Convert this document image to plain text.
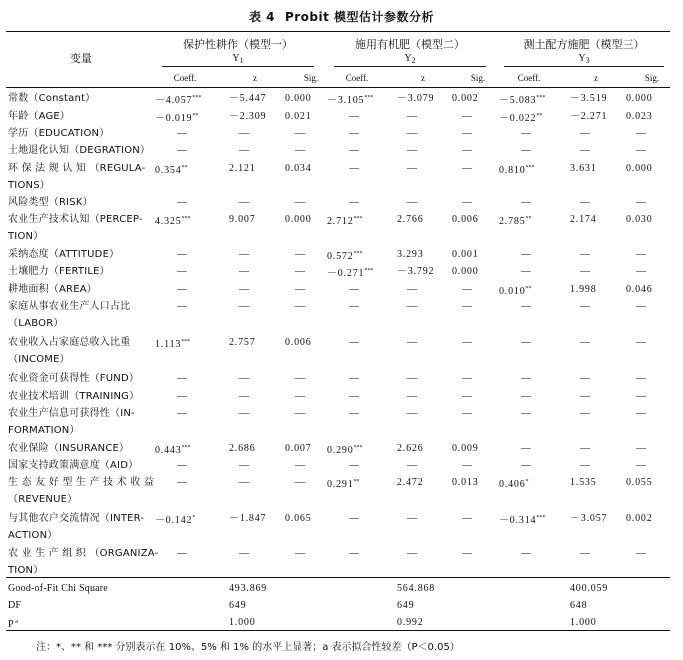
表 4 Probit 模型估计参数分析
变量
保护性耕作（模型一）
$Y_1$
施用有机肥（模型二）
$Y_2$
测土配方施肥（模型三）
$Y_3$
Coeff.	z	Sig.	Coeff.	z	Sig.	Coeff.	z	Sig.
常数（Constant）	－4.057***	－5.447 0.000 －3.105*** －3.079 0.002 －5.083*** －3.519 0.000
年龄（AGE）	－0.019**	－2.309 0.021	—	—	—	－0.022**	－2.271 0.023
学历（EDUCATION）	—	—	—	—	—	—	—	—	—
土地退化认知（DEGRATION）	—	—	—	—	—	—	—	—	—
环 保 法 规 认 知 （REGULA-
TIONS）
0.354**	2.121	0.034	—	—	—	0.810***	3.631	0.000
风险类型（RISK）	—	—	—	—	—	—	—	—	—
农业生产技术认知（PERCEP-
TION）
4.325***	9.007	0.000 2.712***	2.766	0.006 2.785**	2.174	0.030
采纳态度（ATTITUDE）	—	—	— 0.572***	3.293	0.001	—	—	—
土壤肥力（FERTILE）	—	—	— －0.271*** －3.792 0.000	—	—	—
耕地面积（AREA）	—	—	—	—	—	—	0.010**	1.998	0.046
家庭从事农业生产人口占比
（LABOR）
—	—	—	—	—	—	—	—	—
农业收入占家庭总收入比重
（INCOME）
1.113***	2.757	0.006	—	—	—	—	—	—
农业资金可获得性（FUND）	—	—	—	—	—	—	—	—	—
农业技术培训（TRAINING）	—	—	—	—	—	—	—	—	—
农业生产信息可获得性（IN-
FORMATION）
—	—	—	—	—	—	—	—	—
农业保险（INSURANCE）	0.443***	2.686	0.007 0.290***	2.626	0.009	—	—	—
国家支持政策满意度（AID）	—	—	—	—	—	—	—	—	—
生 态 友 好 型 生 产 技 术 收 益
（REVENUE）
—	—	— 0.291**	2.472	0.013 0.406*	1.535	0.055
与其他农户交流情况（INTER-
ACTION）
－0.142*	－1.847 0.065	—	—	—	－0.314*** －3.057 0.002
农 业 生 产 组 织 （ORGANIZA-
TION）
—	—	—	—	—	—	—	—	—
Good-of-Fit Chi Square	493.869	564.868	400.059
DF	649	649	648
P $^a$	1.000	0.992	1.000
注：*、** 和 *** 分别表示在 10%、5% 和 1% 的水平上显著；a 表示拟合性较差（P＜0.05）
